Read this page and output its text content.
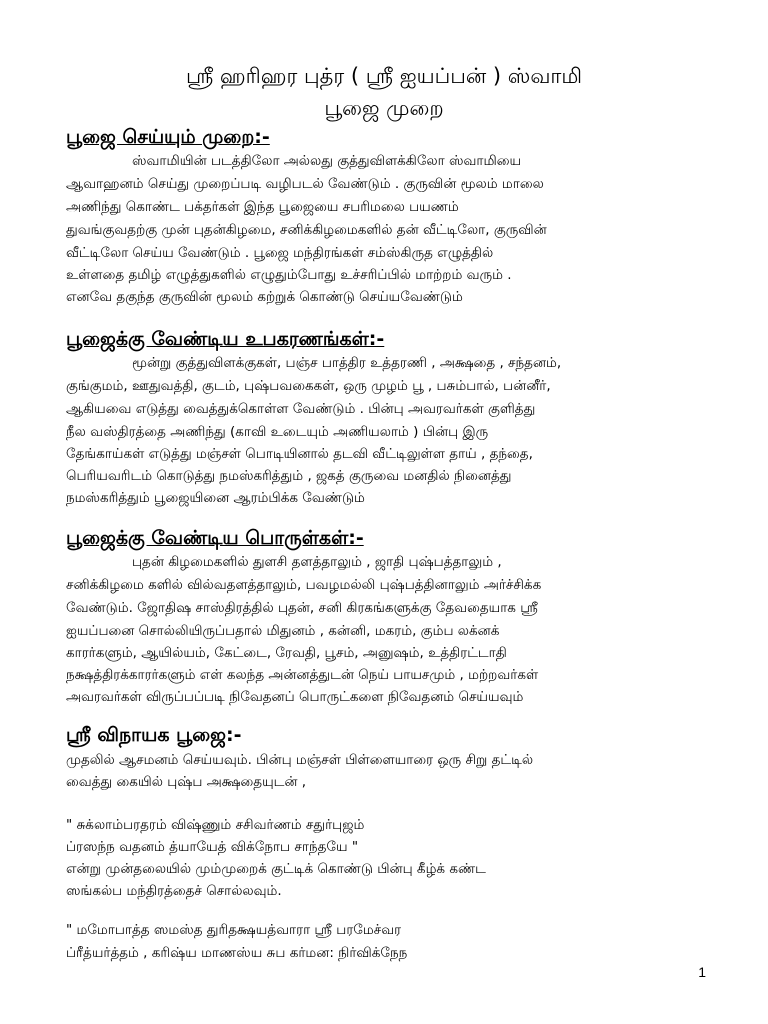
ஸ்ரீ ஹரிஹர புத்ர ( ஸ்ரீ ஐயப்பன் ) ஸ்வாமி
பூஜை முறை
பூஜை செய்யும் முறை:-
ஸ்வாமியின் படத்திலோ அல்லது குத்துவிளக்கிலோ ஸ்வாமியை
ஆவாஹனம் செய்து முறைப்படி வழிபடல் வேண்டும் . குருவின் மூலம் மாலை
அணிந்து கொண்ட பக்தர்கள் இந்த பூஜையை சபரிமலை பயணம்
துவங்குவதற்கு முன் புதன்கிழமை, சனிக்கிழமைகளில் தன் வீட்டிலோ, குருவின்
வீட்டிலோ செய்ய வேண்டும் . பூஜை மந்திரங்கள் சம்ஸ்கிருத எழுத்தில்
உள்ளதை தமிழ் எழுத்துகளில் எழுதும்போது உச்சரிப்பில் மாற்றம் வரும் .
எனவே தகுந்த குருவின் மூலம் கற்றுக் கொண்டு செய்யவேண்டும்
பூஜைக்கு வேண்டிய உபகரணங்கள்:-
மூன்று குத்துவிளக்குகள், பஞ்ச பாத்திர உத்தரணி , அக்ஷதை , சந்தனம்,
குங்குமம், ஊதுவத்தி, குடம், புஷ்பவகைகள், ஒரு முழம் பூ , பசும்பால், பன்னீர்,
ஆகியவை எடுத்து வைத்துக்கொள்ள வேண்டும் . பின்பு அவரவர்கள் குளித்து
நீல வஸ்திரத்தை அணிந்து (காவி உடையும் அணியலாம் ) பின்பு இரு
தேங்காய்கள் எடுத்து மஞ்சள் பொடியினால் தடவி வீட்டிலுள்ள தாய் , தந்தை,
பெரியவரிடம் கொடுத்து நமஸ்கரித்தும் , ஜகத் குருவை மனதில் நினைத்து
நமஸ்கரித்தும் பூஜையினை ஆரம்பிக்க வேண்டும்
பூஜைக்கு வேண்டிய பொருள்கள்:-
புதன் கிழமைகளில் துளசி தளத்தாலும் , ஜாதி புஷ்பத்தாலும் ,
சனிக்கிழமை களில் வில்வதளத்தாலும், பவழமல்லி புஷ்பத்தினாலும் அர்ச்சிக்க
வேண்டும். ஜோதிஷ சாஸ்திரத்தில் புதன், சனி கிரகங்களுக்கு தேவதையாக ஸ்ரீ
ஐயப்பனை சொல்லியிருப்பதால் மிதுனம் , கன்னி, மகரம், கும்ப லக்னக்
காரர்களும், ஆயில்யம், கேட்டை, ரேவதி, பூசம், அனுஷம், உத்திரட்டாதி
நக்ஷத்திரக்காரர்களும் எள் கலந்த அன்னத்துடன் நெய் பாயசமும் , மற்றவர்கள்
அவரவர்கள் விருப்பப்படி நிவேதனப் பொருட்களை நிவேதனம் செய்யவும்
ஸ்ரீ விநாயக பூஜை:-
முதலில் ஆசமனம் செய்யவும். பின்பு மஞ்சள் பிள்ளையாரை ஒரு சிறு தட்டில்
வைத்து கையில் புஷ்ப அக்ஷதையுடன் ,
" சுக்லாம்பரதரம் விஷ்ணும் சசிவர்ணம் சதுர்புஜம்
ப்ரஸந்ந வதனம் த்யாயேத் விக்நோப சாந்தயே "
என்று முன்தலையில் மும்முறைக் குட்டிக் கொண்டு பின்பு கீழ்க் கண்ட
ஸங்கல்ப மந்திரத்தைச் சொல்லவும்.
" மமோபாத்த ஸமஸ்த துரிதக்ஷயத்வாரா ஸ்ரீ பரமேச்வர
ப்ரீத்யர்த்தம் , கரிஷ்ய மாணஸ்ய சுப கர்மன: நிர்விக்நேந
1
